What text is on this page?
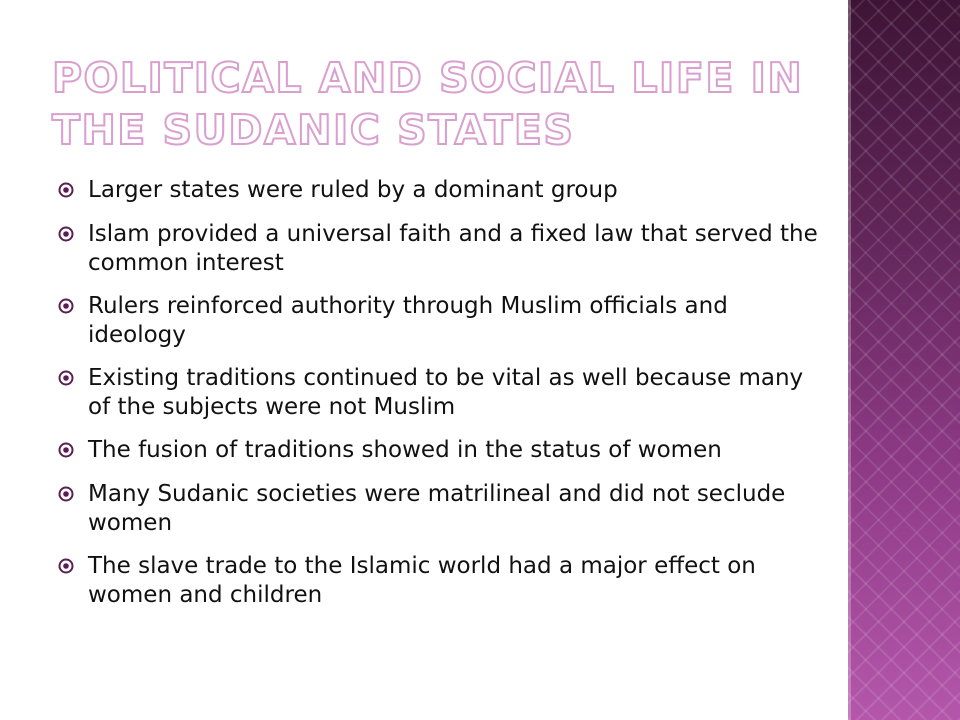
POLITICAL AND SOCIAL LIFE IN THE SUDANIC STATES
Larger states were ruled by a dominant group
Islam provided a universal faith and a fixed law that served the common interest
Rulers reinforced authority through Muslim officials and ideology
Existing traditions continued to be vital as well because many of the subjects were not Muslim
The fusion of traditions showed in the status of women
Many Sudanic societies were matrilineal and did not seclude women
The slave trade to the Islamic world had a major effect on women and children
